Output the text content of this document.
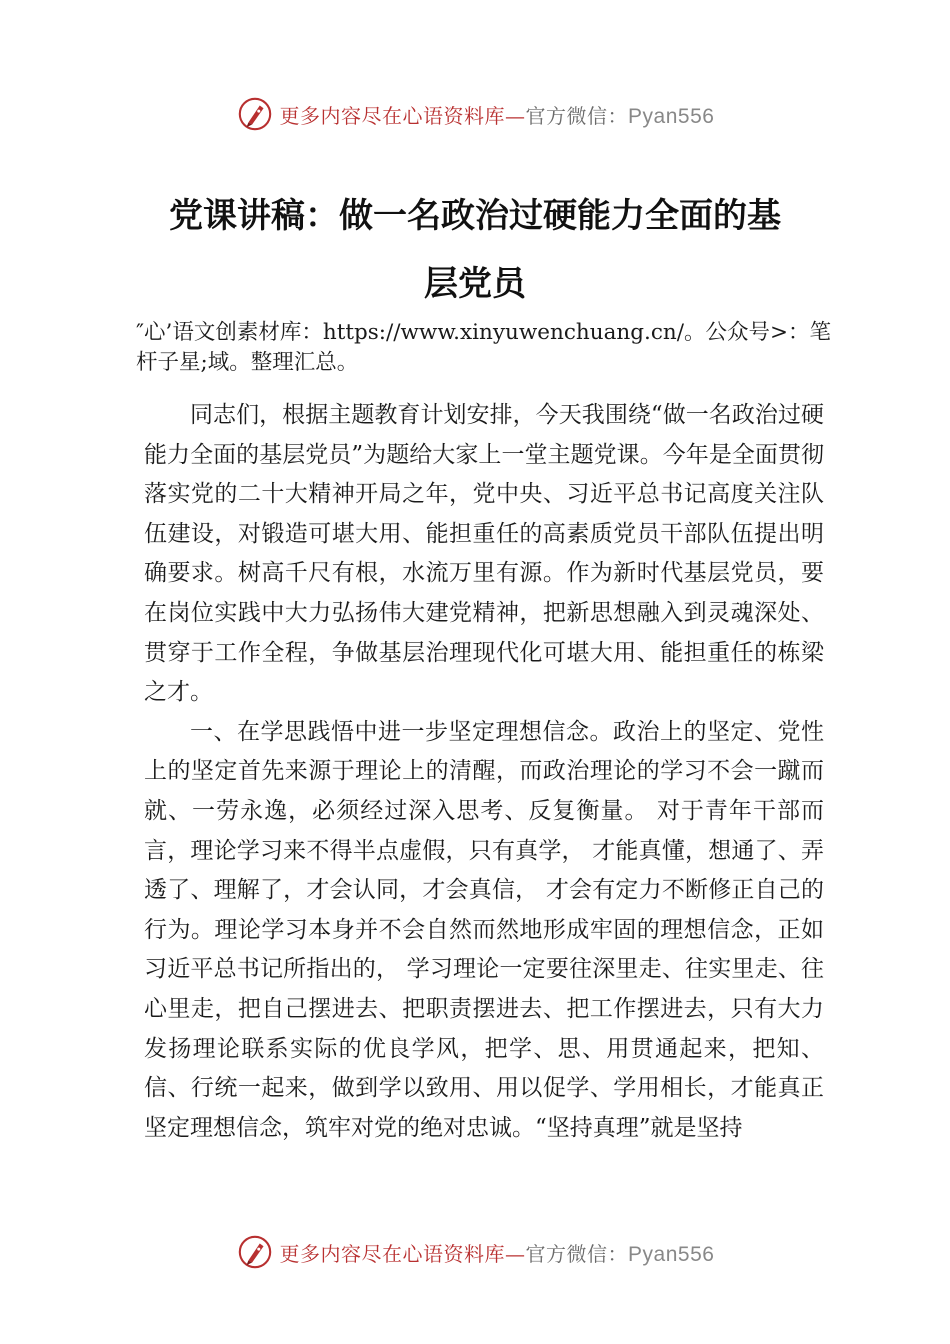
更多内容尽在心语资料库—官方微信：Pyan556
党课讲稿：做一名政治过硬能力全面的基
层党员
″心’语文创素材库：https://www.xinyuwenchuang.cn/。公众号>：笔杆子星;域。整理汇总。

同志们，根据主题教育计划安排，今天我围绕“做一名政治过硬能力全面的基层党员”为题给大家上一堂主题党课。今年是全面贯彻落实党的二十大精神开局之年，党中央、习近平总书记高度关注队伍建设，对锻造可堪大用、能担重任的高素质党员干部队伍提出明确要求。树高千尺有根，水流万里有源。作为新时代基层党员，要在岗位实践中大力弘扬伟大建党精神，把新思想融入到灵魂深处、贯穿于工作全程，争做基层治理现代化可堪大用、能担重任的栋梁之才。

一、在学思践悟中进一步坚定理想信念。政治上的坚定、党性上的坚定首先来源于理论上的清醒，而政治理论的学习不会一蹴而就、一劳永逸，必须经过深入思考、反复衡量。 对于青年干部而言，理论学习来不得半点虚假，只有真学， 才能真懂，想通了、弄透了、理解了，才会认同，才会真信， 才会有定力不断修正自己的行为。理论学习本身并不会自然而然地形成牢固的理想信念，正如习近平总书记所指出的， 学习理论一定要往深里走、往实里走、往心里走，把自己摆进去、把职责摆进去、把工作摆进去，只有大力发扬理论联系实际的优良学风，把学、思、用贯通起来，把知、信、行统一起来，做到学以致用、用以促学、学用相长，才能真正坚定理想信念，筑牢对党的绝对忠诚。“坚持真理”就是坚持

更多内容尽在心语资料库—官方微信：Pyan556
